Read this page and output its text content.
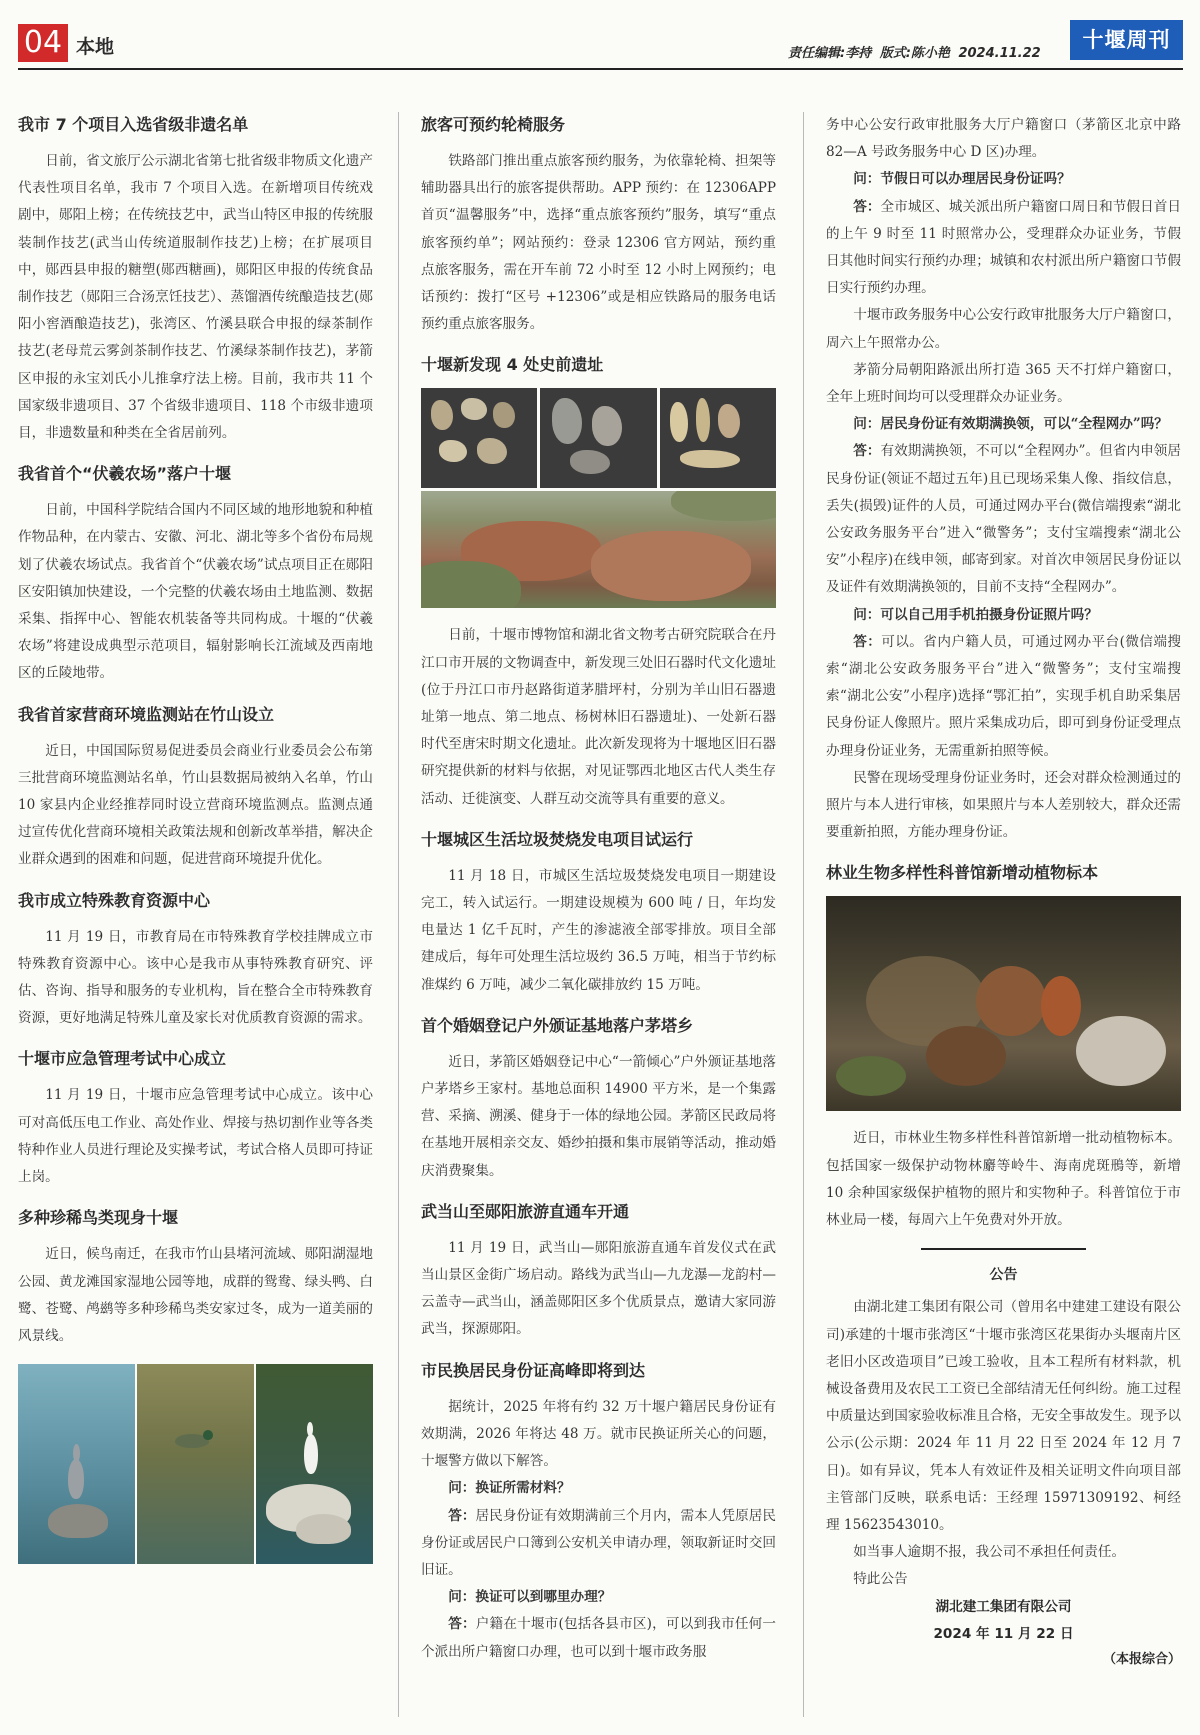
04 本地	责任编辑:李持 版式:陈小艳 2024.11.22
十堰周刊
我市 7 个项目入选省级非遗名单

日前，省文旅厅公示湖北省第七批省级非物质文化遗产代表性项目名单，我市 7 个项目入选。在新增项目传统戏剧中，郧阳上榜；在传统技艺中，武当山特区申报的传统服装制作技艺(武当山传统道服制作技艺)上榜；在扩展项目中，郧西县申报的糖塑(郧西糖画)，郧阳区申报的传统食品制作技艺（郧阳三合汤烹饪技艺）、蒸馏酒传统酿造技艺(郧阳小窖酒酿造技艺)，张湾区、竹溪县联合申报的绿茶制作技艺(老母荒云雾剑茶制作技艺、竹溪绿茶制作技艺)，茅箭区申报的永宝刘氏小儿推拿疗法上榜。目前，我市共 11 个国家级非遗项目、37 个省级非遗项目、118 个市级非遗项目，非遗数量和种类在全省居前列。

我省首个“伏羲农场”落户十堰

日前，中国科学院结合国内不同区域的地形地貌和种植作物品种，在内蒙古、安徽、河北、湖北等多个省份布局规划了伏羲农场试点。我省首个“伏羲农场”试点项目正在郧阳区安阳镇加快建设，一个完整的伏羲农场由土地监测、数据采集、指挥中心、智能农机装备等共同构成。十堰的“伏羲农场”将建设成典型示范项目，辐射影响长江流域及西南地区的丘陵地带。

我省首家营商环境监测站在竹山设立

近日，中国国际贸易促进委员会商业行业委员会公布第三批营商环境监测站名单，竹山县数据局被纳入名单，竹山 10 家县内企业经推荐同时设立营商环境监测点。监测点通过宣传优化营商环境相关政策法规和创新改革举措，解决企业群众遇到的困难和问题，促进营商环境提升优化。

我市成立特殊教育资源中心

11 月 19 日，市教育局在市特殊教育学校挂牌成立市特殊教育资源中心。该中心是我市从事特殊教育研究、评估、咨询、指导和服务的专业机构，旨在整合全市特殊教育资源，更好地满足特殊儿童及家长对优质教育资源的需求。

十堰市应急管理考试中心成立

11 月 19 日，十堰市应急管理考试中心成立。该中心可对高低压电工作业、高处作业、焊接与热切割作业等各类特种作业人员进行理论及实操考试，考试合格人员即可持证上岗。

多种珍稀鸟类现身十堰

近日，候鸟南迁，在我市竹山县堵河流域、郧阳湖湿地公园、黄龙滩国家湿地公园等地，成群的鸳鸯、绿头鸭、白鹭、苍鹭、鸬鹚等多种珍稀鸟类安家过冬，成为一道美丽的风景线。

旅客可预约轮椅服务

铁路部门推出重点旅客预约服务，为依靠轮椅、担架等辅助器具出行的旅客提供帮助。APP 预约：在 12306APP 首页“温馨服务”中，选择“重点旅客预约”服务，填写“重点旅客预约单”；网站预约：登录 12306 官方网站，预约重点旅客服务，需在开车前 72 小时至 12 小时上网预约；电话预约：拨打“区号 +12306”或是相应铁路局的服务电话预约重点旅客服务。

十堰新发现 4 处史前遗址

日前，十堰市博物馆和湖北省文物考古研究院联合在丹江口市开展的文物调查中，新发现三处旧石器时代文化遗址(位于丹江口市丹赵路街道茅腊坪村，分别为羊山旧石器遗址第一地点、第二地点、杨树林旧石器遗址)、一处新石器时代至唐宋时期文化遗址。此次新发现将为十堰地区旧石器研究提供新的材料与依据，对见证鄂西北地区古代人类生存活动、迁徙演变、人群互动交流等具有重要的意义。

十堰城区生活垃圾焚烧发电项目试运行

11 月 18 日，市城区生活垃圾焚烧发电项目一期建设完工，转入试运行。一期建设规模为 600 吨 / 日，年均发电量达 1 亿千瓦时，产生的渗滤液全部零排放。项目全部建成后，每年可处理生活垃圾约 36.5 万吨，相当于节约标准煤约 6 万吨，减少二氧化碳排放约 15 万吨。

首个婚姻登记户外颁证基地落户茅塔乡

近日，茅箭区婚姻登记中心“一箭倾心”户外颁证基地落户茅塔乡王家村。基地总面积 14900 平方米，是一个集露营、采摘、溯溪、健身于一体的绿地公园。茅箭区民政局将在基地开展相亲交友、婚纱拍摄和集市展销等活动，推动婚庆消费聚集。

武当山至郧阳旅游直通车开通

11 月 19 日，武当山—郧阳旅游直通车首发仪式在武当山景区金街广场启动。路线为武当山—九龙瀑—龙韵村—云盖寺—武当山，涵盖郧阳区多个优质景点，邀请大家同游武当，探源郧阳。

市民换居民身份证高峰即将到达

据统计，2025 年将有约 32 万十堰户籍居民身份证有效期满，2026 年将达 48 万。就市民换证所关心的问题，十堰警方做以下解答。

问：换证所需材料？

答：居民身份证有效期满前三个月内，需本人凭原居民身份证或居民户口簿到公安机关申请办理，领取新证时交回旧证。

问：换证可以到哪里办理？

答：户籍在十堰市(包括各县市区)，可以到我市任何一个派出所户籍窗口办理，也可以到十堰市政务服

务中心公安行政审批服务大厅户籍窗口（茅箭区北京中路 82—A 号政务服务中心 D 区)办理。

问：节假日可以办理居民身份证吗？

答：全市城区、城关派出所户籍窗口周日和节假日首日的上午 9 时至 11 时照常办公，受理群众办证业务，节假日其他时间实行预约办理；城镇和农村派出所户籍窗口节假日实行预约办理。

十堰市政务服务中心公安行政审批服务大厅户籍窗口，周六上午照常办公。

茅箭分局朝阳路派出所打造 365 天不打烊户籍窗口，全年上班时间均可以受理群众办证业务。

问：居民身份证有效期满换领，可以“全程网办”吗？

答：有效期满换领，不可以“全程网办”。但省内申领居民身份证(领证不超过五年)且已现场采集人像、指纹信息，丢失(损毁)证件的人员，可通过网办平台(微信端搜索“湖北公安政务服务平台”进入“微警务”；支付宝端搜索“湖北公安”小程序)在线申领，邮寄到家。对首次申领居民身份证以及证件有效期满换领的，目前不支持“全程网办”。

问：可以自己用手机拍摄身份证照片吗？

答：可以。省内户籍人员，可通过网办平台(微信端搜索“湖北公安政务服务平台”进入“微警务”；支付宝端搜索“湖北公安”小程序)选择“鄂汇拍”，实现手机自助采集居民身份证人像照片。照片采集成功后，即可到身份证受理点办理身份证业务，无需重新拍照等候。

民警在现场受理身份证业务时，还会对群众检测通过的照片与本人进行审核，如果照片与本人差别较大，群众还需要重新拍照，方能办理身份证。

林业生物多样性科普馆新增动植物标本

近日，市林业生物多样性科普馆新增一批动植物标本。包括国家一级保护动物林麝等岭牛、海南虎斑鳽等，新增 10 余种国家级保护植物的照片和实物种子。科普馆位于市林业局一楼，每周六上午免费对外开放。

公告

由湖北建工集团有限公司（曾用名中建建工建设有限公司)承建的十堰市张湾区“十堰市张湾区花果街办头堰南片区老旧小区改造项目”已竣工验收，且本工程所有材料款，机械设备费用及农民工工资已全部结清无任何纠纷。施工过程中质量达到国家验收标准且合格，无安全事故发生。现予以公示(公示期：2024 年 11 月 22 日至 2024 年 12 月 7 日)。如有异议，凭本人有效证件及相关证明文件向项目部主管部门反映，联系电话：王经理 15971309192、柯经理 15623543010。

如当事人逾期不报，我公司不承担任何责任。

特此公告

湖北建工集团有限公司
2024 年 11 月 22 日
（本报综合）
